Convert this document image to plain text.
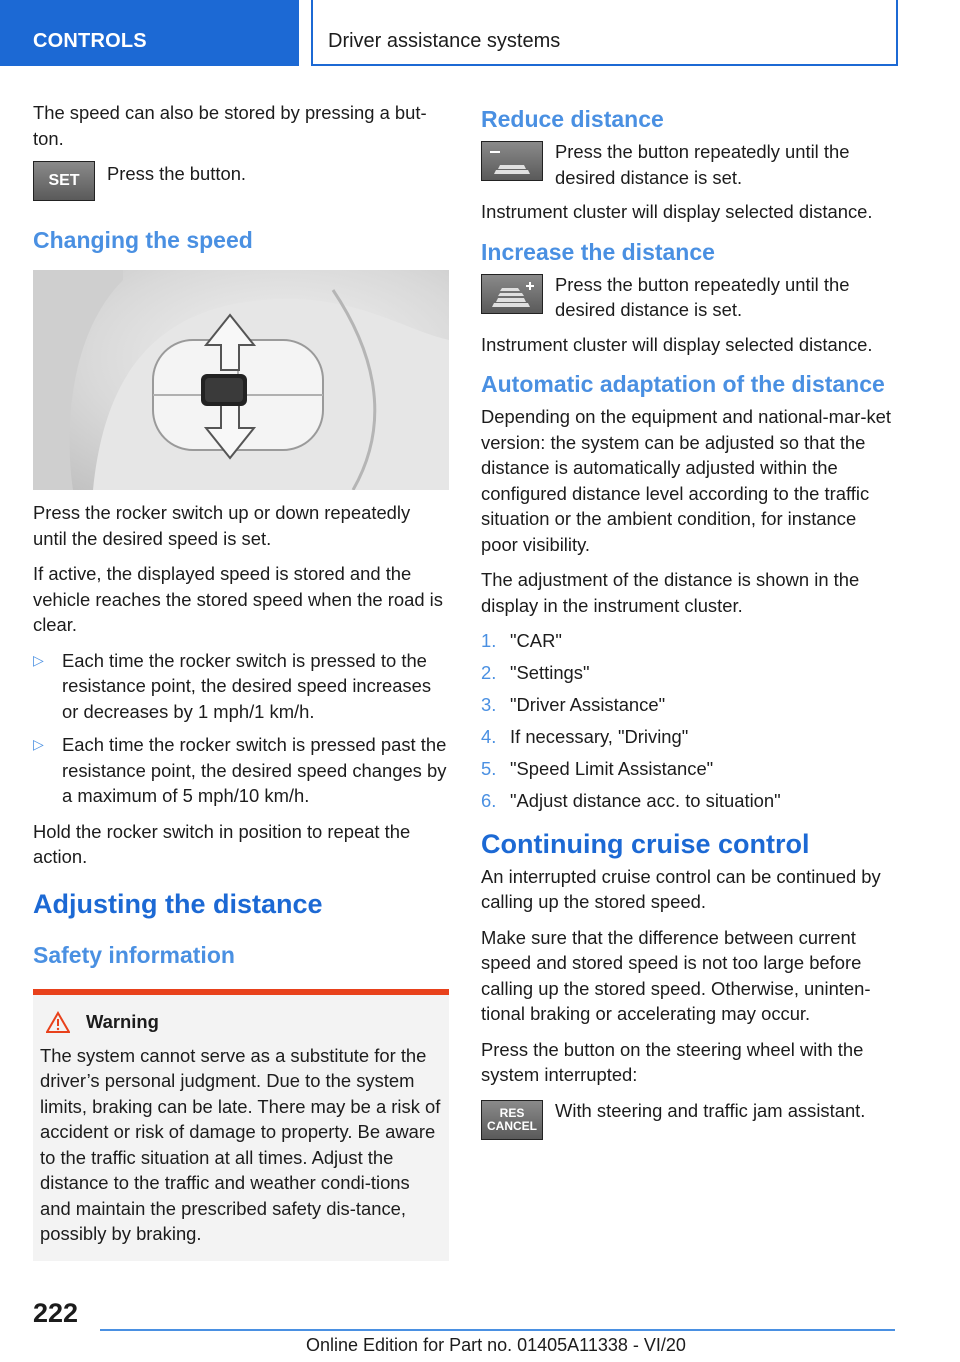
CONTROLS	Driver assistance systems

The speed can also be stored by pressing a but-ton.

SET Press the button.
Changing the speed

Press the rocker switch up or down repeatedly until the desired speed is set.

If active, the displayed speed is stored and the vehicle reaches the stored speed when the road is clear.

▷ Each time the rocker switch is pressed to the resistance point, the desired speed increases or decreases by 1 mph/1 km/h.
▷ Each time the rocker switch is pressed past the resistance point, the desired speed changes by a maximum of 5 mph/10 km/h.

Hold the rocker switch in position to repeat the action.

Adjusting the distance
Safety information
Warning

The system cannot serve as a substitute for the driver’s personal judgment. Due to the system limits, braking can be late. There may be a risk of accident or risk of damage to property. Be aware to the traffic situation at all times. Adjust the distance to the traffic and weather condi-tions and maintain the prescribed safety dis-tance, possibly by braking.

Reduce distance
Press the button repeatedly until the desired distance is set.

Instrument cluster will display selected distance.

Increase the distance
Press the button repeatedly until the desired distance is set.

Instrument cluster will display selected distance.

Automatic adaptation of the distance

Depending on the equipment and national-mar-ket version: the system can be adjusted so that the distance is automatically adjusted within the configured distance level according to the traffic situation or the ambient condition, for instance poor visibility.

The adjustment of the distance is shown in the display in the instrument cluster.

1. "CAR"
2. "Settings"
3. "Driver Assistance"
4. If necessary, "Driving"
5. "Speed Limit Assistance"
6. "Adjust distance acc. to situation"
Continuing cruise control

An interrupted cruise control can be continued by calling up the stored speed.

Make sure that the difference between current speed and stored speed is not too large before calling up the stored speed. Otherwise, uninten-tional braking or accelerating may occur.

Press the button on the steering wheel with the system interrupted:

RES
CANCEL
With steering and traffic jam assistant.
222
Online Edition for Part no. 01405A11338 - VI/20
